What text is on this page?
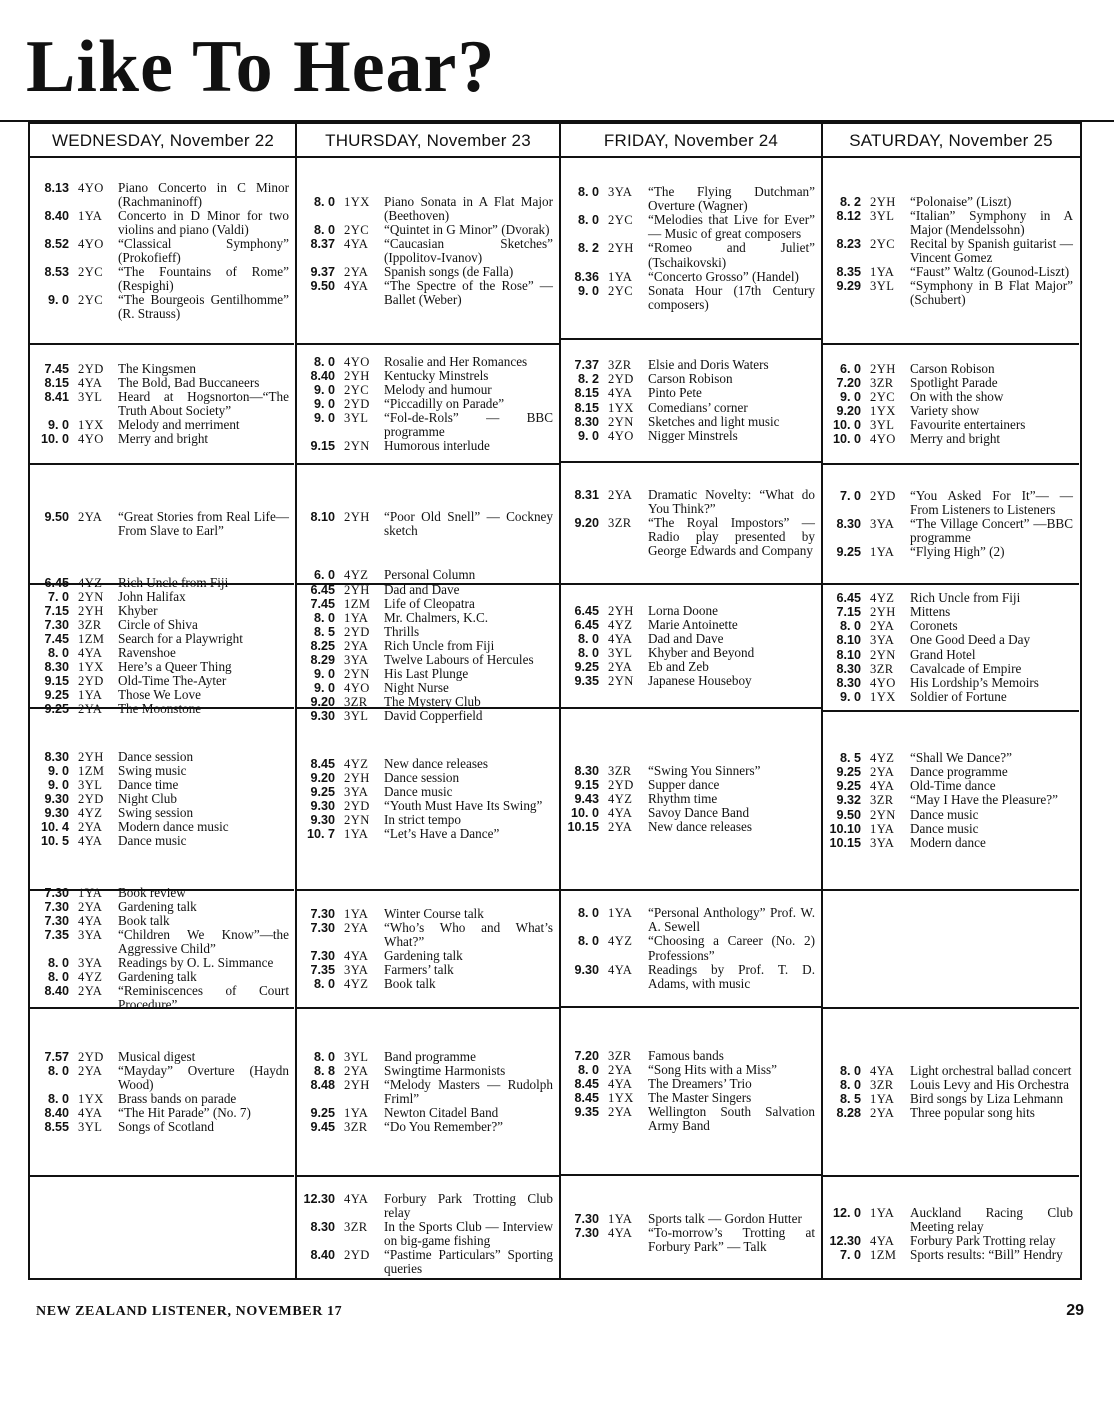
Like To Hear?
WEDNESDAY, November 22
8.13 4YO	Piano Concerto in C Minor (Rachmaninoff)
8.40 1YA	Concerto in D Minor for two violins and piano (Valdi)
8.52 4YO	“Classical Symphony” (Prokofieff)
8.53 2YC	“The Fountains of Rome” (Respighi)
9. 0 2YC	“The Bourgeois Gentilhomme” (R. Strauss)
7.45 2YD	The Kingsmen
8.15 4YA	The Bold, Bad Buccaneers
8.41 3YL	Heard at Hogsnorton—“The Truth About Society”
9. 0 1YX	Melody and merriment
10. 0 4YO	Merry and bright
9.50 2YA	“Great Stories from Real Life—From Slave to Earl”
6.45 4YZ	Rich Uncle from Fiji
7. 0 2YN	John Halifax
7.15 2YH	Khyber
7.30 3ZR	Circle of Shiva
7.45 1ZM	Search for a Playwright
8. 0 4YA	Ravenshoe
8.30 1YX	Here’s a Queer Thing
9.15 2YD	Old-Time The-Ayter
9.25 1YA	Those We Love
9.25 2YA	The Moonstone
8.30 2YH	Dance session
9. 0 1ZM	Swing music
9. 0 3YL	Dance time
9.30 2YD	Night Club
9.30 4YZ	Swing session
10. 4 2YA	Modern dance music
10. 5 4YA	Dance music
7.30 1YA	Book review
7.30 2YA	Gardening talk
7.30 4YA	Book talk
7.35 3YA	“Children We Know”—the Aggressive Child”
8. 0 3YA	Readings by O. L. Simmance
8. 0 4YZ	Gardening talk
8.40 2YA	“Reminiscences of Court Procedure”
7.57 2YD	Musical digest
8. 0 2YA	“Mayday” Overture (Haydn Wood)
8. 0 1YX	Brass bands on parade
8.40 4YA	“The Hit Parade” (No. 7)
8.55 3YL	Songs of Scotland
THURSDAY, November 23
8. 0 1YX	Piano Sonata in A Flat Major (Beethoven)
8. 0 2YC	“Quintet in G Minor” (Dvorak)
8.37 4YA	“Caucasian Sketches” (Ippolitov-Ivanov)
9.37 2YA	Spanish songs (de Falla)
9.50 4YA	“The Spectre of the Rose” — Ballet (Weber)
8. 0 4YO	Rosalie and Her Romances
8.40 2YH	Kentucky Minstrels
9. 0 2YC	Melody and humour
9. 0 2YD	“Piccadilly on Parade”
9. 0 3YL	“Fol-de-Rols” — BBC programme
9.15 2YN	Humorous interlude
8.10 2YH	“Poor Old Snell” — Cockney sketch
6. 0 4YZ	Personal Column
6.45 2YH	Dad and Dave
7.45 1ZM	Life of Cleopatra
8. 0 1YA	Mr. Chalmers, K.C.
8. 5 2YD	Thrills
8.25 2YA	Rich Uncle from Fiji
8.29 3YA	Twelve Labours of Hercules
9. 0 2YN	His Last Plunge
9. 0 4YO	Night Nurse
9.20 3ZR	The Mystery Club
9.30 3YL	David Copperfield
8.45 4YZ	New dance releases
9.20 2YH	Dance session
9.25 3YA	Dance music
9.30 2YD	“Youth Must Have Its Swing”
9.30 2YN	In strict tempo
10. 7 1YA	“Let’s Have a Dance”
7.30 1YA	Winter Course talk
7.30 2YA	“Who’s Who and What’s What?”
7.30 4YA	Gardening talk
7.35 3YA	Farmers’ talk
8. 0 4YZ	Book talk
8. 0 3YL	Band programme
8. 8 2YA	Swingtime Harmonists
8.48 2YH	“Melody Masters — Rudolph Friml”
9.25 1YA	Newton Citadel Band
9.45 3ZR	“Do You Remember?”
12.30 4YA	Forbury Park Trotting Club relay
8.30 3ZR	In the Sports Club — Interview on big-game fishing
8.40 2YD	“Pastime Particulars” Sporting queries
FRIDAY, November 24
8. 0 3YA	“The Flying Dutchman” Overture (Wagner)
8. 0 2YC	“Melodies that Live for Ever” — Music of great composers
8. 2 2YH	“Romeo and Juliet” (Tschaikovski)
8.36 1YA	“Concerto Grosso” (Handel)
9. 0 2YC	Sonata Hour (17th Century composers)
7.37 3ZR	Elsie and Doris Waters
8. 2 2YD	Carson Robison
8.15 4YA	Pinto Pete
8.15 1YX	Comedians’ corner
8.30 2YN	Sketches and light music
9. 0 4YO	Nigger Minstrels
8.31 2YA	Dramatic Novelty: “What do You Think?”
9.20 3ZR	“The Royal Impostors” —Radio play presented by George Edwards and Company
6.45 2YH	Lorna Doone
6.45 4YZ	Marie Antoinette
8. 0 4YA	Dad and Dave
8. 0 3YL	Khyber and Beyond
9.25 2YA	Eb and Zeb
9.35 2YN	Japanese Houseboy
8.30 3ZR	“Swing You Sinners”
9.15 2YD	Supper dance
9.43 4YZ	Rhythm time
10. 0 4YA	Savoy Dance Band
10.15 2YA	New dance releases
8. 0 1YA	“Personal Anthology” Prof. W. A. Sewell
8. 0 4YZ	“Choosing a Career (No. 2) Professions”
9.30 4YA	Readings by Prof. T. D. Adams, with music
7.20 3ZR	Famous bands
8. 0 2YA	“Song Hits with a Miss”
8.45 4YA	The Dreamers’ Trio
8.45 1YX	The Master Singers
9.35 2YA	Wellington South Salvation Army Band
7.30 1YA	Sports talk — Gordon Hutter
7.30 4YA	“To-morrow’s Trotting at Forbury Park” — Talk
SATURDAY, November 25
8. 2 2YH	“Polonaise” (Liszt)
8.12 3YL	“Italian” Symphony in A Major (Mendelssohn)
8.23 2YC	Recital by Spanish guitarist — Vincent Gomez
8.35 1YA	“Faust” Waltz (Gounod-Liszt)
9.29 3YL	“Symphony in B Flat Major” (Schubert)
6. 0 2YH	Carson Robison
7.20 3ZR	Spotlight Parade
9. 0 2YC	On with the show
9.20 1YX	Variety show
10. 0 3YL	Favourite entertainers
10. 0 4YO	Merry and bright
7. 0 2YD	“You Asked For It”— — From Listeners to Listeners
8.30 3YA	“The Village Concert” —BBC programme
9.25 1YA	“Flying High” (2)
6.45 4YZ	Rich Uncle from Fiji
7.15 2YH	Mittens
8. 0 2YA	Coronets
8.10 3YA	One Good Deed a Day
8.10 2YN	Grand Hotel
8.30 3ZR	Cavalcade of Empire
8.30 4YO	His Lordship’s Memoirs
9. 0 1YX	Soldier of Fortune
8. 5 4YZ	“Shall We Dance?”
9.25 2YA	Dance programme
9.25 4YA	Old-Time dance
9.32 3ZR	“May I Have the Pleasure?”
9.50 2YN	Dance music
10.10 1YA	Dance music
10.15 3YA	Modern dance
8. 0 4YA	Light orchestral ballad concert
8. 0 3ZR	Louis Levy and His Orchestra
8. 5 1YA	Bird songs by Liza Lehmann
8.28 2YA	Three popular song hits
12. 0 1YA	Auckland Racing Club Meeting relay
12.30 4YA	Forbury Park Trotting relay
7. 0 1ZM	Sports results: “Bill” Hendry
NEW ZEALAND LISTENER, NOVEMBER 17	29
